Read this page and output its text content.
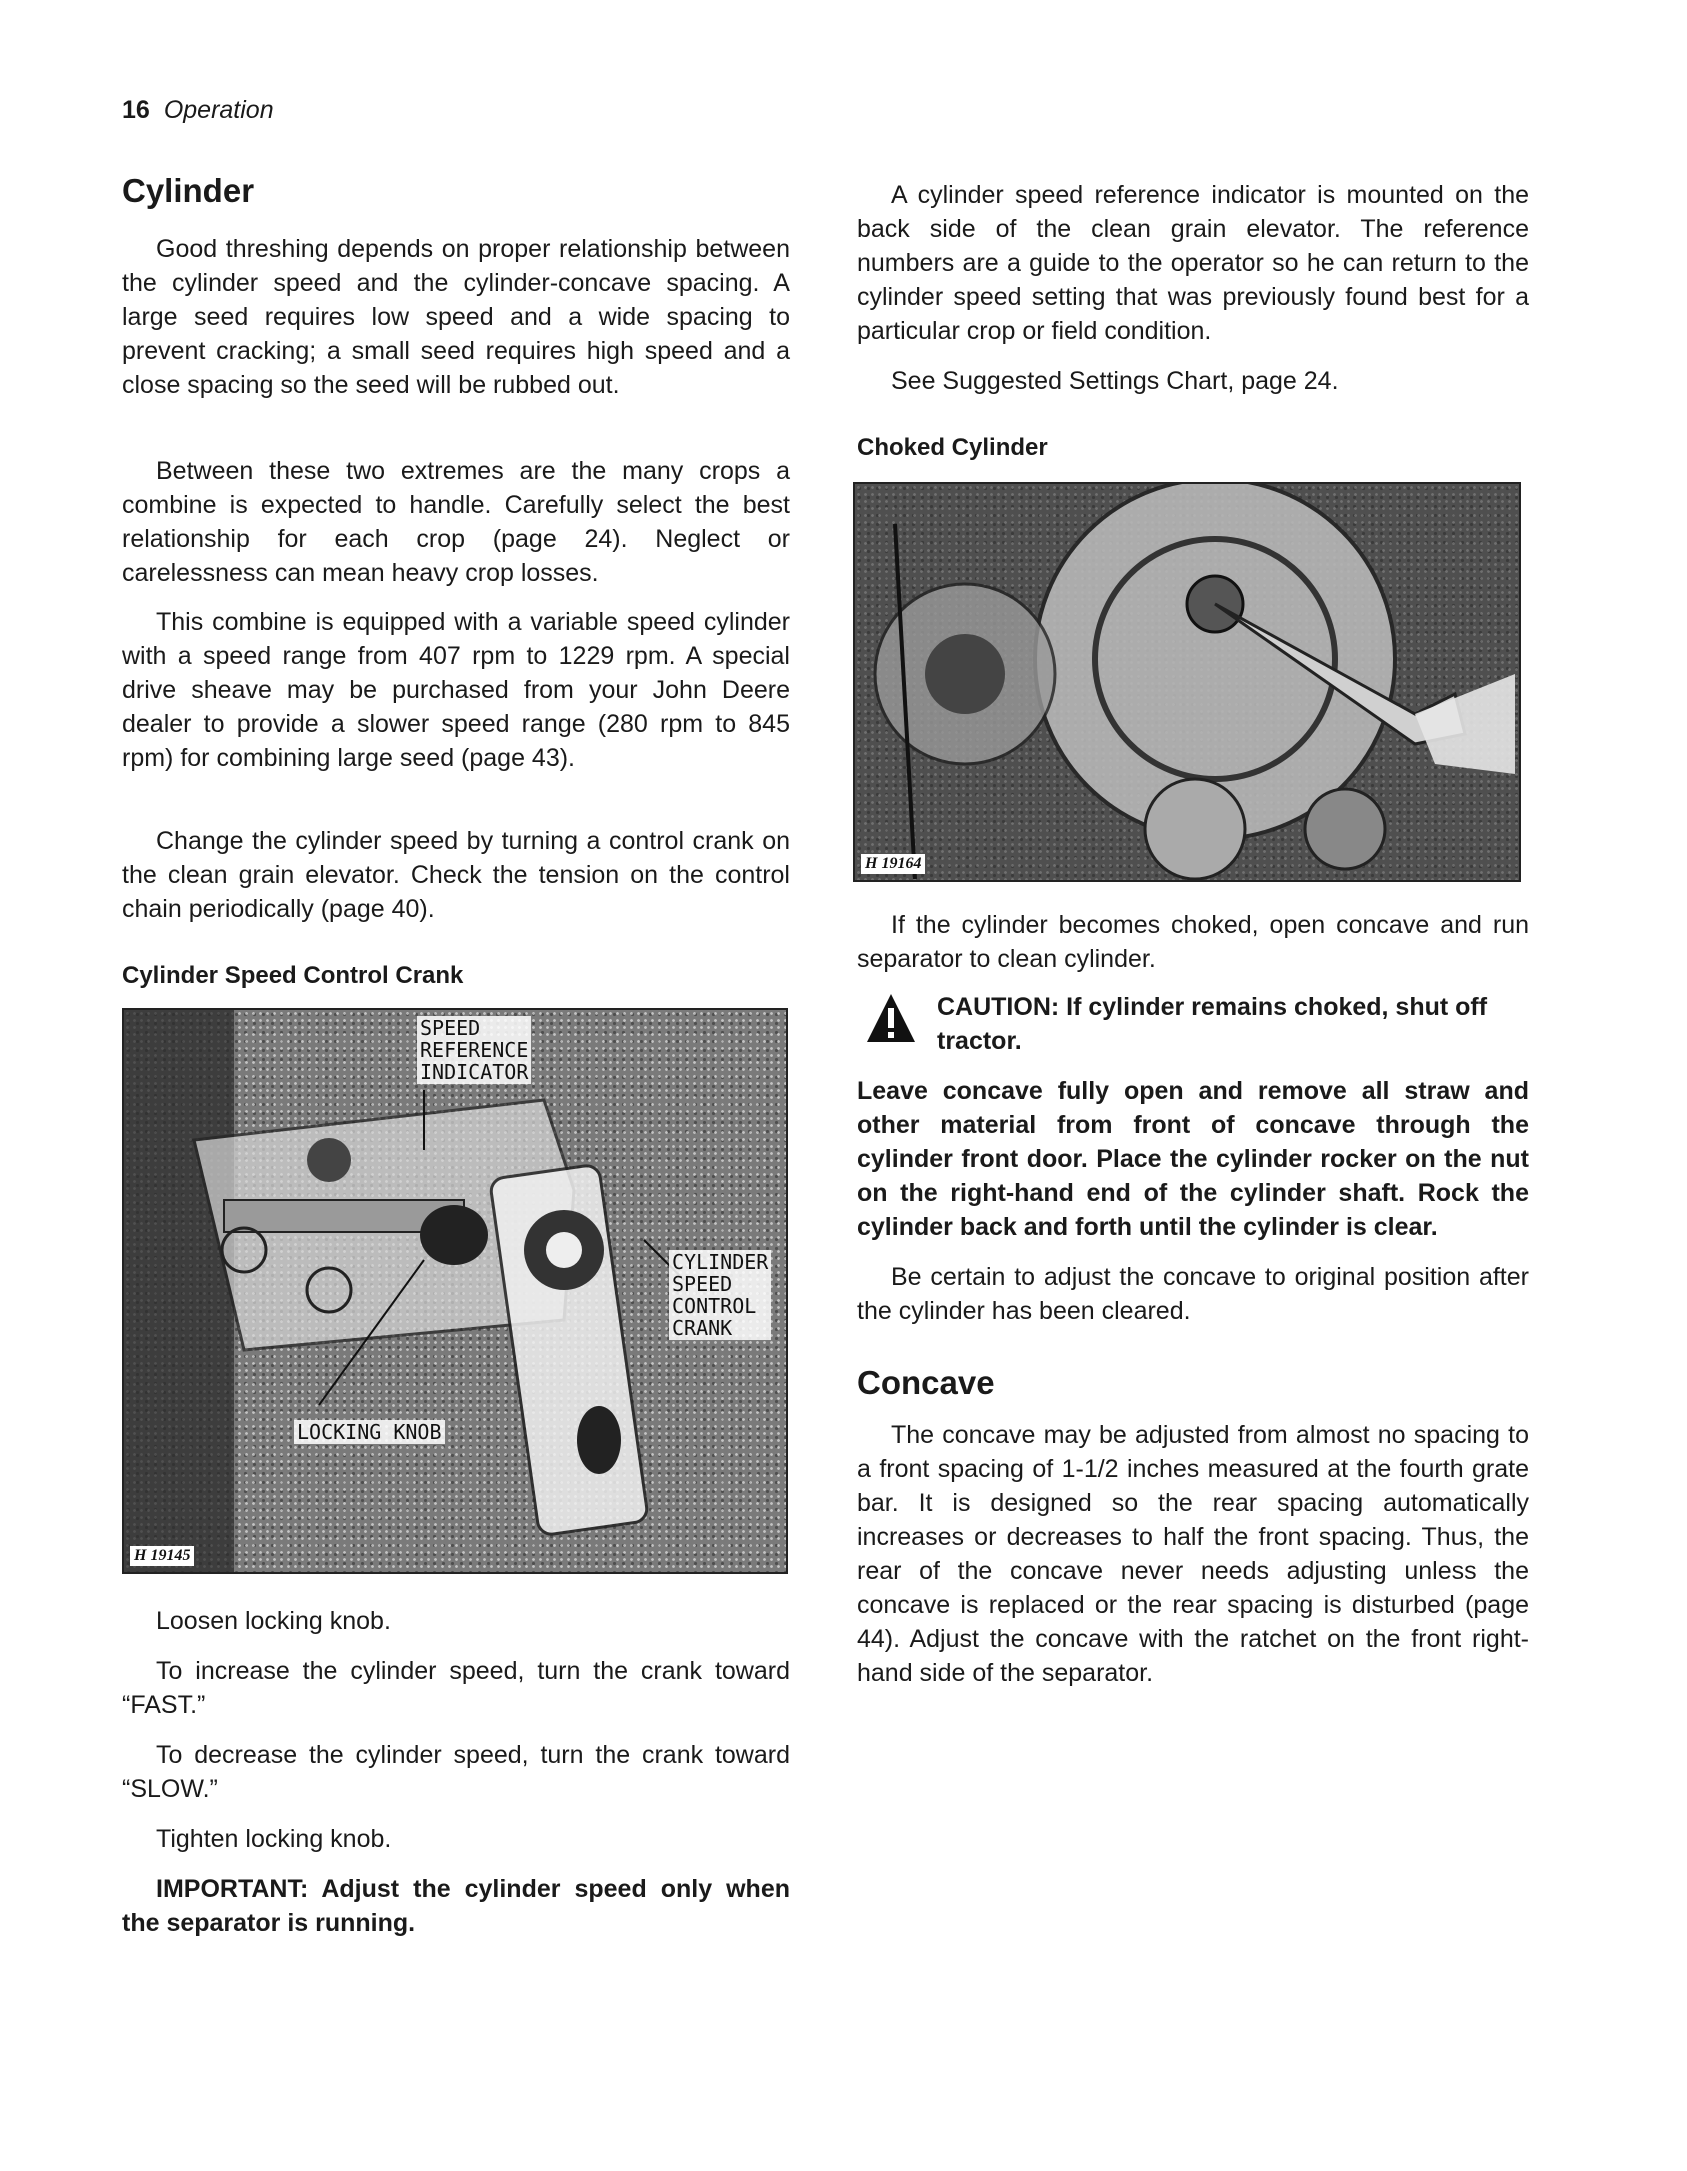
16 Operation
Cylinder

Good threshing depends on proper relationship between the cylinder speed and the cylinder-concave spacing. A large seed requires low speed and a wide spacing to prevent cracking; a small seed requires high speed and a close spacing so the seed will be rubbed out.

Between these two extremes are the many crops a combine is expected to handle. Carefully select the best relationship for each crop (page 24). Neglect or carelessness can mean heavy crop losses.

This combine is equipped with a variable speed cylinder with a speed range from 407 rpm to 1229 rpm. A special drive sheave may be purchased from your John Deere dealer to provide a slower speed range (280 rpm to 845 rpm) for combining large seed (page 43).

Change the cylinder speed by turning a control crank on the clean grain elevator. Check the tension on the control chain periodically (page 40).

Cylinder Speed Control Crank
SPEED
REFERENCE
INDICATOR
CYLINDER
SPEED
CONTROL
CRANK
LOCKING KNOB
H 19145

Loosen locking knob.

To increase the cylinder speed, turn the crank toward “FAST.”

To decrease the cylinder speed, turn the crank toward “SLOW.”

Tighten locking knob.

IMPORTANT: Adjust the cylinder speed only when the separator is running.

A cylinder speed reference indicator is mounted on the back side of the clean grain elevator. The reference numbers are a guide to the operator so he can return to the cylinder speed setting that was previously found best for a particular crop or field condition.

See Suggested Settings Chart, page 24.

Choked Cylinder
H 19164

If the cylinder becomes choked, open concave and run separator to clean cylinder.

CAUTION: If cylinder remains choked, shut off tractor.

Leave concave fully open and remove all straw and other material from front of concave through the cylinder front door. Place the cylinder rocker on the nut on the right-hand end of the cylinder shaft. Rock the cylinder back and forth until the cylinder is clear.

Be certain to adjust the concave to original position after the cylinder has been cleared.

Concave

The concave may be adjusted from almost no spacing to a front spacing of 1-1/2 inches measured at the fourth grate bar. It is designed so the rear spacing automatically increases or decreases to half the front spacing. Thus, the rear of the concave never needs adjusting unless the concave is replaced or the rear spacing is disturbed (page 44). Adjust the concave with the ratchet on the front right-hand side of the separator.
